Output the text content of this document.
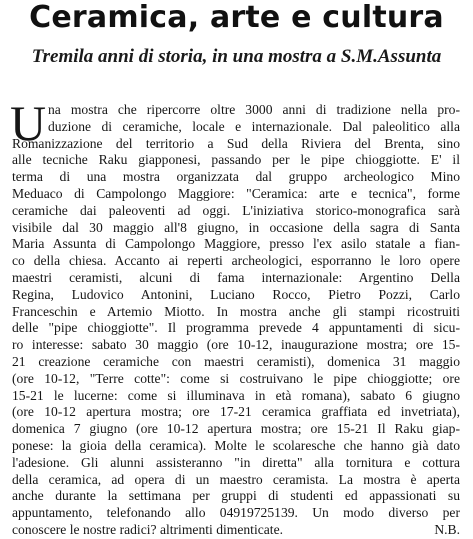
Ceramica, arte e cultura
Tremila anni di storia, in una mostra a S.M.Assunta
U na mostra che ripercorre oltre 3000 anni di tradizione nella pro-
duzione di ceramiche, locale e internazionale. Dal paleolitico alla
Romanizzazione del territorio a Sud della Riviera del Brenta, sino
alle tecniche Raku giapponesi, passando per le pipe chioggiotte. E' il
terma di una mostra organizzata dal gruppo archeologico Mino
Meduaco di Campolongo Maggiore: "Ceramica: arte e tecnica", forme
ceramiche dai paleoventi ad oggi. L'iniziativa storico-monografica sarà
visibile dal 30 maggio all'8 giugno, in occasione della sagra di Santa
Maria Assunta di Campolongo Maggiore, presso l'ex asilo statale a fian-
co della chiesa. Accanto ai reperti archeologici, esporranno le loro opere
maestri ceramisti, alcuni di fama internazionale: Argentino Della
Regina, Ludovico Antonini, Luciano Rocco, Pietro Pozzi, Carlo
Franceschin e Artemio Miotto. In mostra anche gli stampi ricostruiti
delle "pipe chioggiotte". Il programma prevede 4 appuntamenti di sicu-
ro interesse: sabato 30 maggio (ore 10-12, inaugurazione mostra; ore 15-
21 creazione ceramiche con maestri ceramisti), domenica 31 maggio
(ore 10-12, "Terre cotte": come si costruivano le pipe chioggiotte; ore
15-21 le lucerne: come si illuminava in età romana), sabato 6 giugno
(ore 10-12 apertura mostra; ore 17-21 ceramica graffiata ed invetriata),
domenica 7 giugno (ore 10-12 apertura mostra; ore 15-21 Il Raku giap-
ponese: la gioia della ceramica). Molte le scolaresche che hanno già dato
l'adesione. Gli alunni assisteranno "in diretta" alla tornitura e cottura
della ceramica, ad opera di un maestro ceramista. La mostra è aperta
anche durante la settimana per gruppi di studenti ed appassionati su
appuntamento, telefonando allo 04919725139. Un modo diverso per
conoscere le nostre radici? altrimenti dimenticate.	N.B.
